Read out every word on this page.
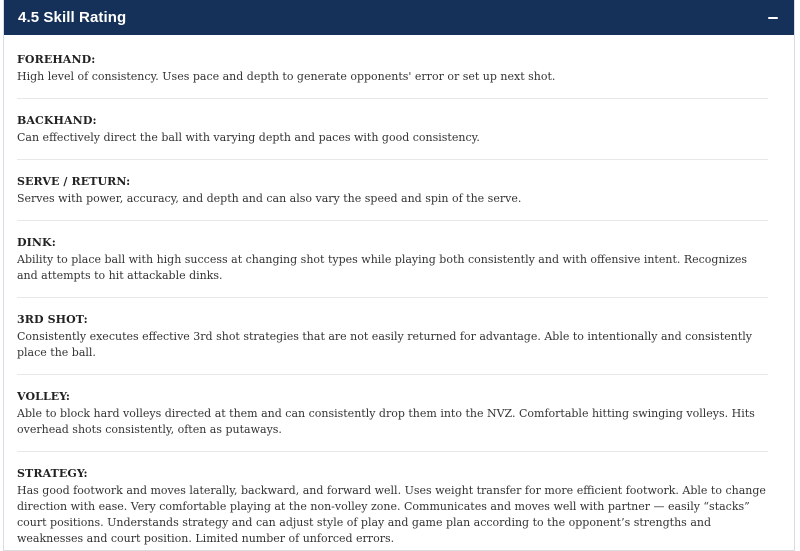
4.5 Skill Rating
FOREHAND:
High level of consistency. Uses pace and depth to generate opponents' error or set up next shot.
BACKHAND:
Can effectively direct the ball with varying depth and paces with good consistency.
SERVE / RETURN:
Serves with power, accuracy, and depth and can also vary the speed and spin of the serve.
DINK:
Ability to place ball with high success at changing shot types while playing both consistently and with offensive intent. Recognizes and attempts to hit attackable dinks.
3RD SHOT:
Consistently executes effective 3rd shot strategies that are not easily returned for advantage. Able to intentionally and consistently place the ball.
VOLLEY:
Able to block hard volleys directed at them and can consistently drop them into the NVZ. Comfortable hitting swinging volleys. Hits overhead shots consistently, often as putaways.
STRATEGY:
Has good footwork and moves laterally, backward, and forward well. Uses weight transfer for more efficient footwork. Able to change direction with ease. Very comfortable playing at the non-volley zone. Communicates and moves well with partner — easily “stacks” court positions. Understands strategy and can adjust style of play and game plan according to the opponent’s strengths and weaknesses and court position. Limited number of unforced errors.
